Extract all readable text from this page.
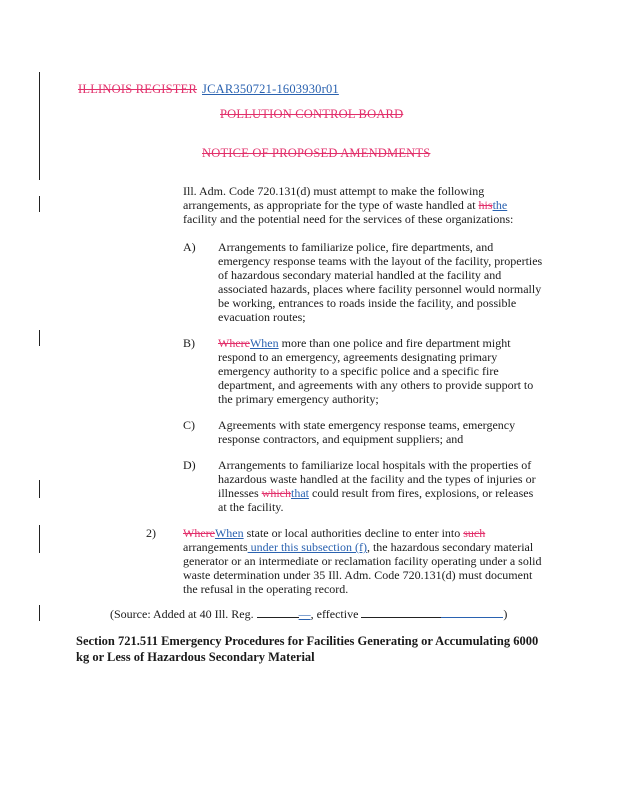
ILLINOIS REGISTER JCAR350721-1603930r01
POLLUTION CONTROL BOARD
NOTICE OF PROPOSED AMENDMENTS
Ill. Adm. Code 720.131(d) must attempt to make the following arrangements, as appropriate for the type of waste handled at histhe facility and the potential need for the services of these organizations:
A) Arrangements to familiarize police, fire departments, and emergency response teams with the layout of the facility, properties of hazardous secondary material handled at the facility and associated hazards, places where facility personnel would normally be working, entrances to roads inside the facility, and possible evacuation routes;
B) WhereWhen more than one police and fire department might respond to an emergency, agreements designating primary emergency authority to a specific police and a specific fire department, and agreements with any others to provide support to the primary emergency authority;
C) Agreements with state emergency response teams, emergency response contractors, and equipment suppliers; and
D) Arrangements to familiarize local hospitals with the properties of hazardous waste handled at the facility and the types of injuries or illnesses whichthat could result from fires, explosions, or releases at the facility.
2) WhereWhen state or local authorities decline to enter into such arrangements under this subsection (f), the hazardous secondary material generator or an intermediate or reclamation facility operating under a solid waste determination under 35 Ill. Adm. Code 720.131(d) must document the refusal in the operating record.
(Source: Added at 40 Ill. Reg.	—, effective	)
Section 721.511 Emergency Procedures for Facilities Generating or Accumulating 6000 kg or Less of Hazardous Secondary Material
